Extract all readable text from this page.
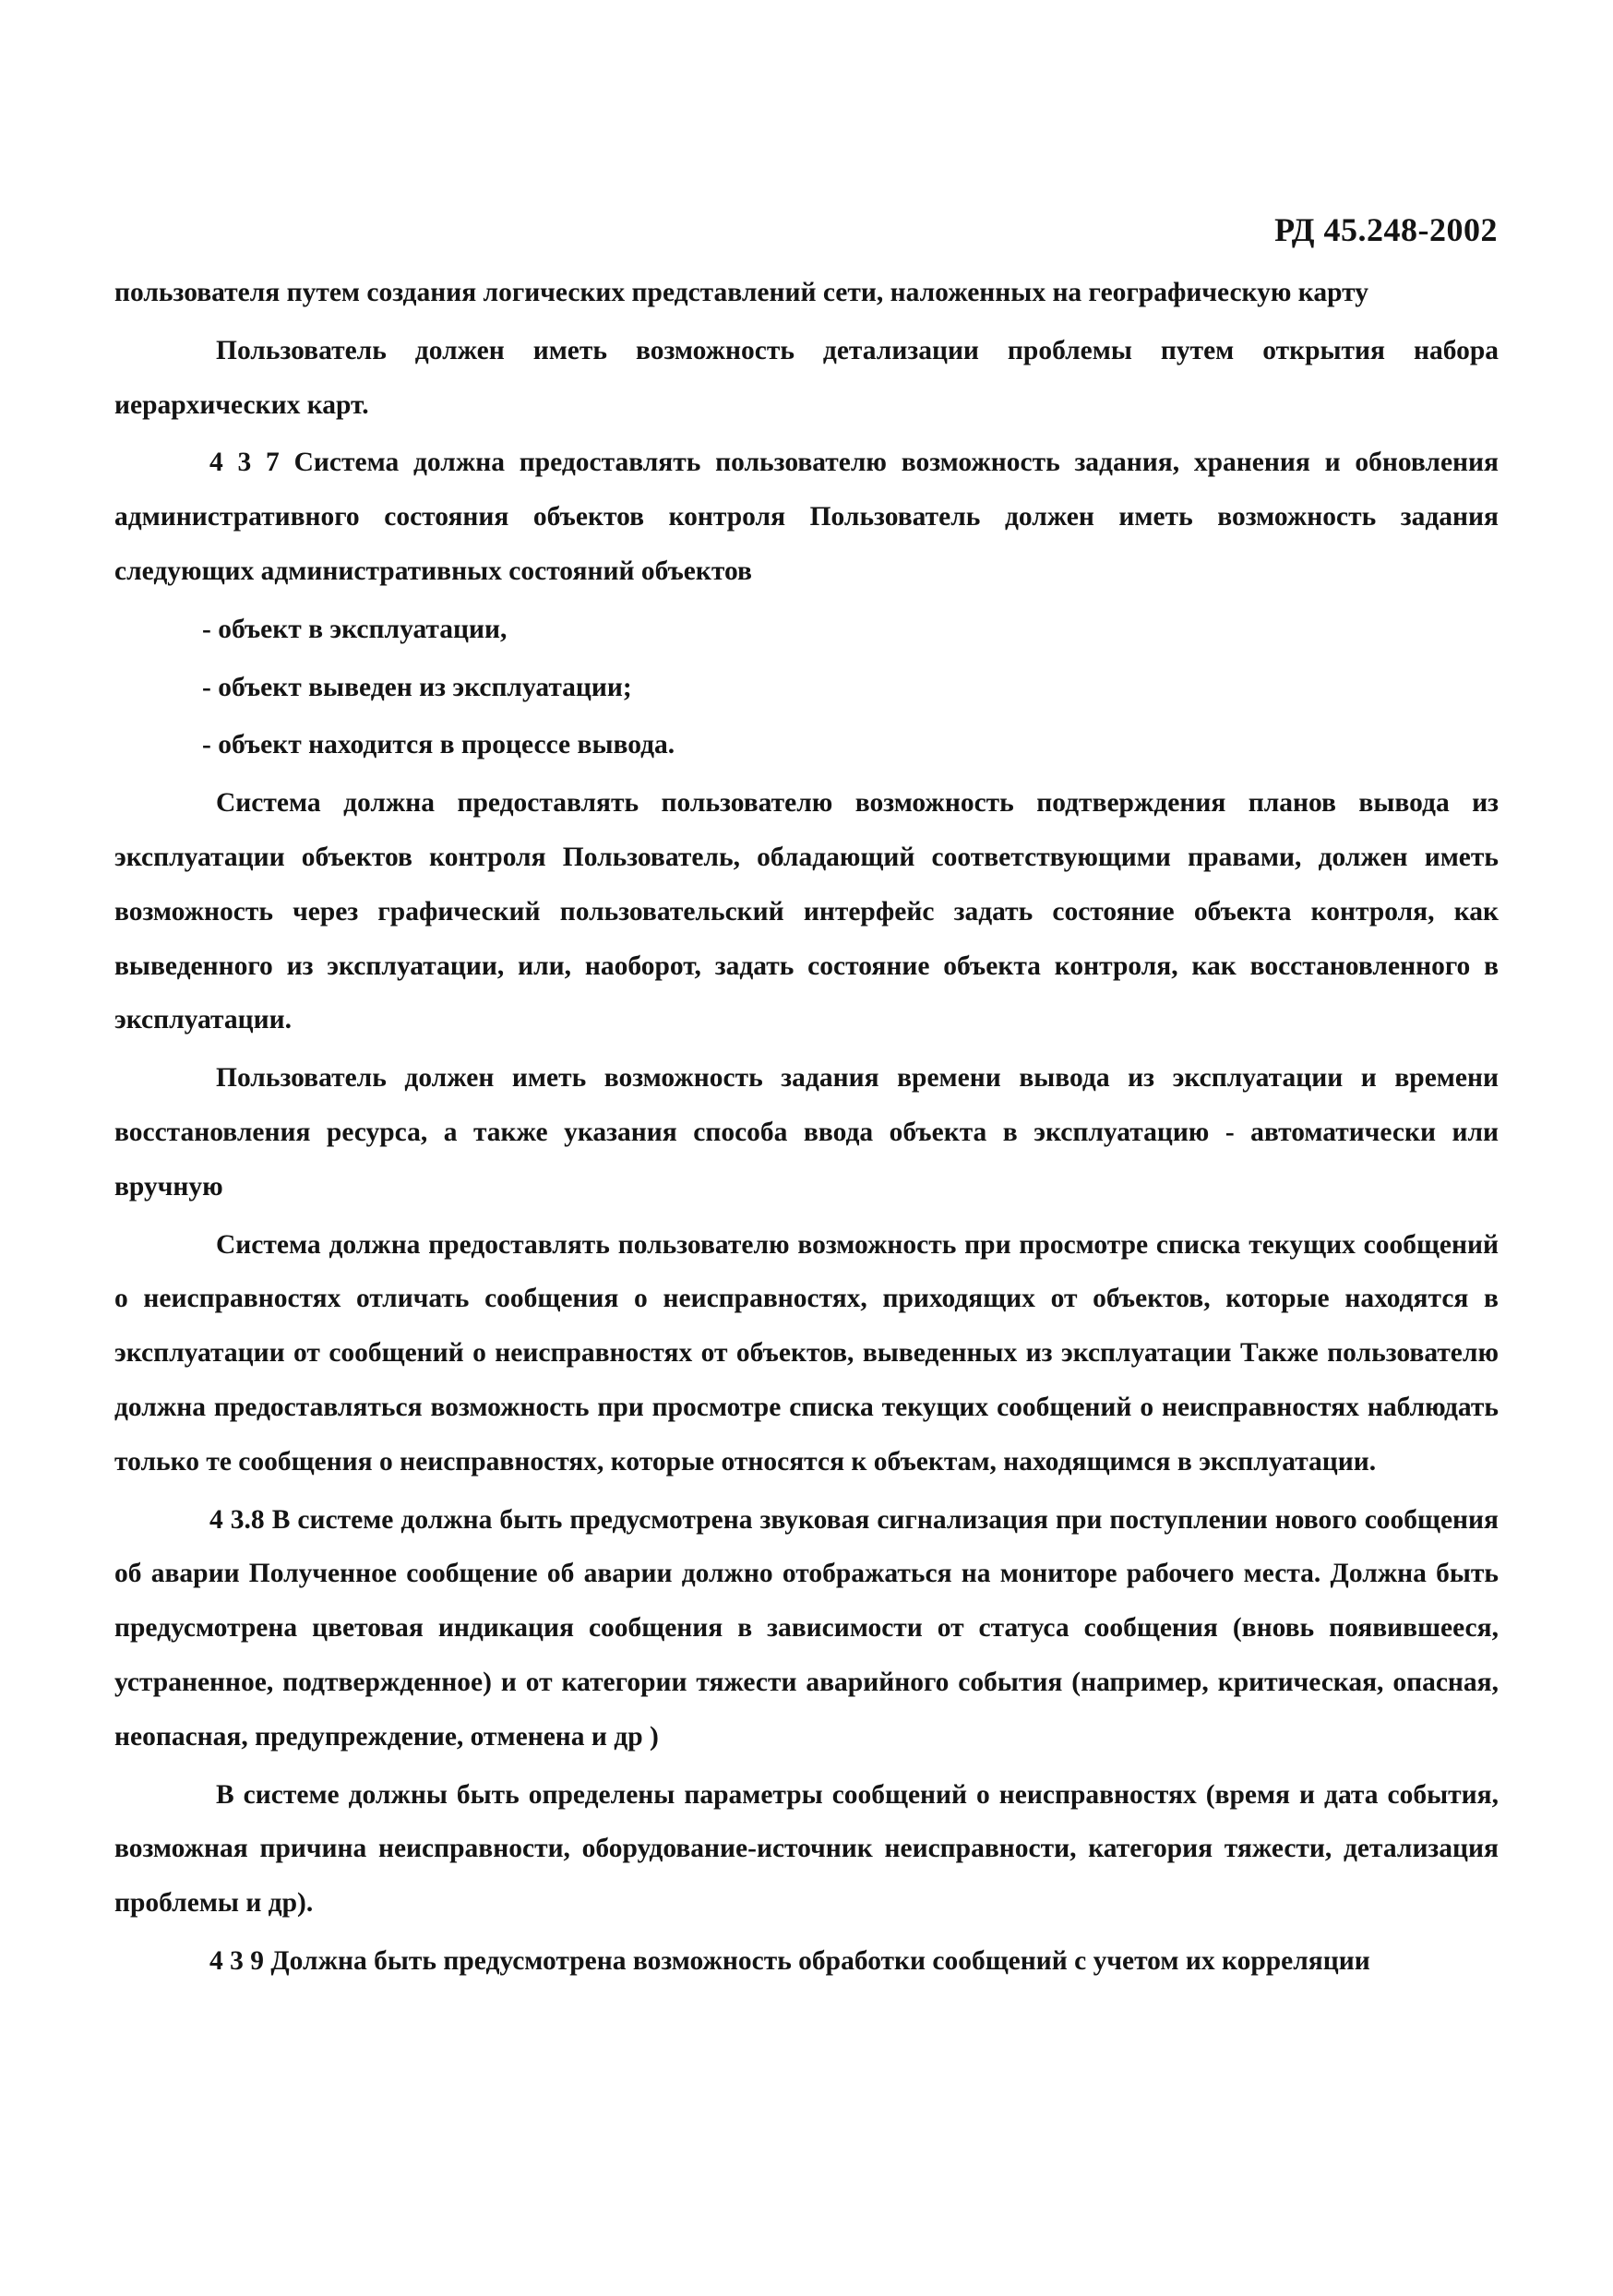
РД 45.248-2002

пользователя путем создания логических представлений сети, наложенных на географическую карту

Пользователь должен иметь возможность детализации проблемы путем открытия набора иерархических карт.

4 3 7 Система должна предоставлять пользователю возможность задания, хранения и обновления административного состояния объектов контроля Пользователь должен иметь возможность задания следующих административных состояний объектов

- объект в эксплуатации,

- объект выведен из эксплуатации;

- объект находится в процессе вывода.

Система должна предоставлять пользователю возможность подтверждения планов вывода из эксплуатации объектов контроля Пользователь, обладающий соответствующими правами, должен иметь возможность через графический пользовательский интерфейс задать состояние объекта контроля, как выведенного из эксплуатации, или, наоборот, задать состояние объекта контроля, как восстановленного в эксплуатации.

Пользователь должен иметь возможность задания времени вывода из эксплуатации и времени восстановления ресурса, а также указания способа ввода объекта в эксплуатацию - автоматически или вручную

Система должна предоставлять пользователю возможность при просмотре списка текущих сообщений о неисправностях отличать сообщения о неисправностях, приходящих от объектов, которые находятся в эксплуатации от сообщений о неисправностях от объектов, выведенных из эксплуатации Также пользователю должна предоставляться возможность при просмотре списка текущих сообщений о неисправностях наблюдать только те сообщения о неисправностях, которые относятся к объектам, находящимся в эксплуатации.

4 3.8 В системе должна быть предусмотрена звуковая сигнализация при поступлении нового сообщения об аварии Полученное сообщение об аварии должно отображаться на мониторе рабочего места. Должна быть предусмотрена цветовая индикация сообщения в зависимости от статуса сообщения (вновь появившееся, устраненное, подтвержденное) и от категории тяжести аварийного события (например, критическая, опасная, неопасная, предупреждение, отменена и др )

В системе должны быть определены параметры сообщений о неисправностях (время и дата события, возможная причина неисправности, оборудование-источник неисправности, категория тяжести, детализация проблемы и др).

4 3 9 Должна быть предусмотрена возможность обработки сообщений с учетом их корреляции
